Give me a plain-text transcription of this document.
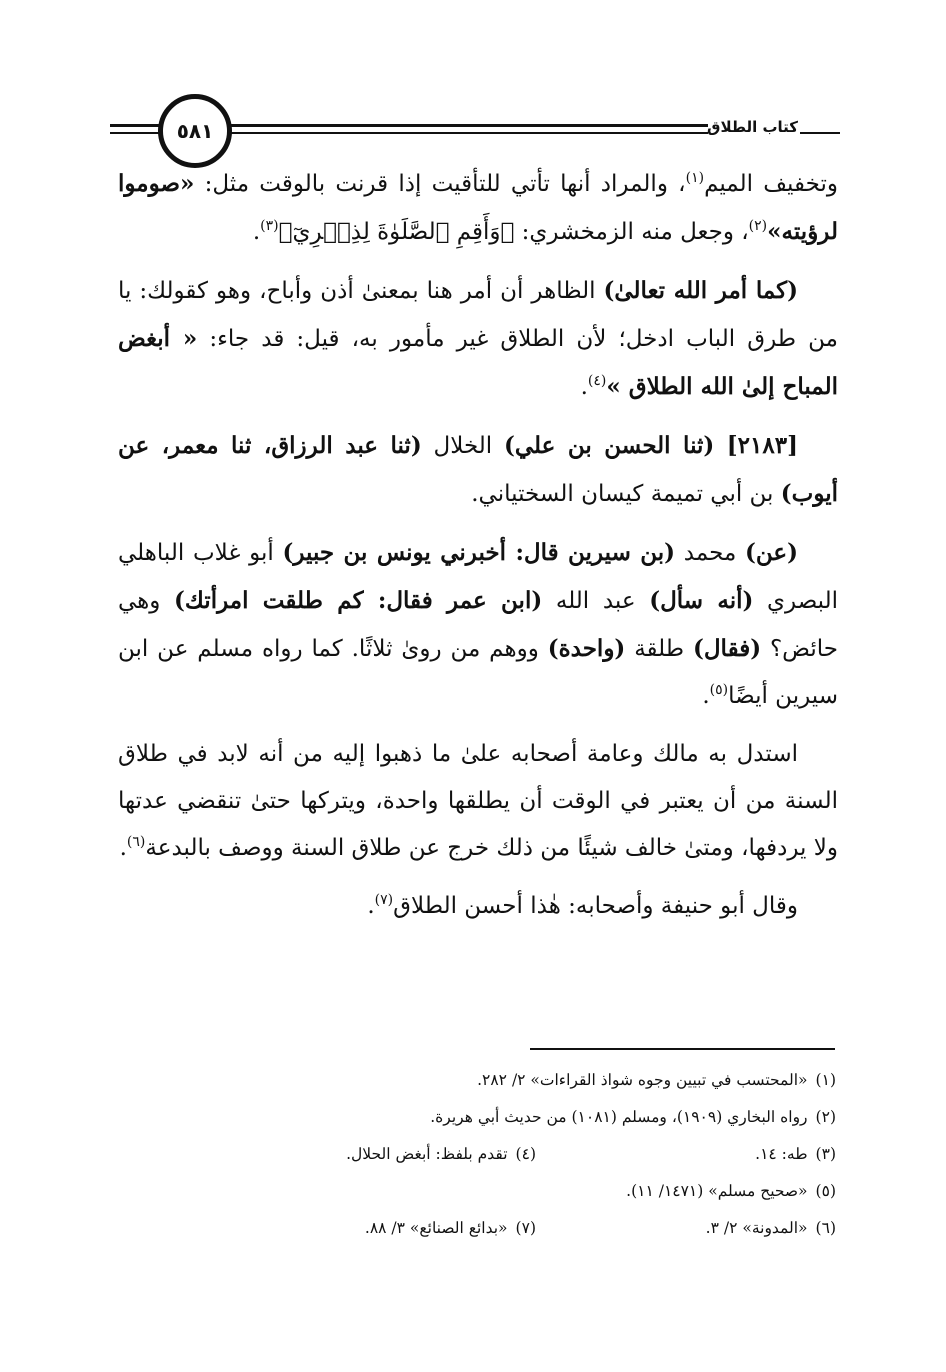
٥٨١	كتاب الطلاق

وتخفيف الميم$^{(١)}$، والمراد أنها تأتي للتأقيت إذا قرنت بالوقت مثل: «صوموا لرؤيته»$^{(٢)}$، وجعل منه الزمخشري: ﴿وَأَقِمِ ٱلصَّلَوٰةَ لِذِكۡرِيٓ﴾$^{(٣)}$.

(كما أمر الله تعالىٰ) الظاهر أن أمر هنا بمعنىٰ أذن وأباح، وهو كقولك: يا من طرق الباب ادخل؛ لأن الطلاق غير مأمور به، قيل: قد جاء: « أبغض المباح إلىٰ الله الطلاق »$^{(٤)}$.

[٢١٨٣] (ثنا الحسن بن علي) الخلال (ثنا عبد الرزاق، ثنا معمر، عن أيوب) بن أبي تميمة كيسان السختياني.

(عن) محمد (بن سيرين قال: أخبرني يونس بن جبير) أبو غلاب الباهلي البصري (أنه سأل) عبد الله (ابن عمر فقال: كم طلقت امرأتك) وهي حائض؟ (فقال) طلقة (واحدة) ووهم من روىٰ ثلاثًا. كما رواه مسلم عن ابن سيرين أيضًا$^{(٥)}$.

استدل به مالك وعامة أصحابه علىٰ ما ذهبوا إليه من أنه لابد في طلاق السنة من أن يعتبر في الوقت أن يطلقها واحدة، ويتركها حتىٰ تنقضي عدتها ولا يردفها، ومتىٰ خالف شيئًا من ذلك خرج عن طلاق السنة ووصف بالبدعة$^{(٦)}$.

وقال أبو حنيفة وأصحابه: هٰذا أحسن الطلاق$^{(٧)}$.

(١)«المحتسب في تبيين وجوه شواذ القراءات» ٢/ ٢٨٢.
(٢)رواه البخاري (١٩٠٩)، ومسلم (١٠٨١) من حديث أبي هريرة.
(٣)طه: ١٤.
(٤)تقدم بلفظ: أبغض الحلال.
(٥)«صحيح مسلم» (١٤٧١/ ١١).
(٦)«المدونة» ٢/ ٣.
(٧)«بدائع الصنائع» ٣/ ٨٨.
